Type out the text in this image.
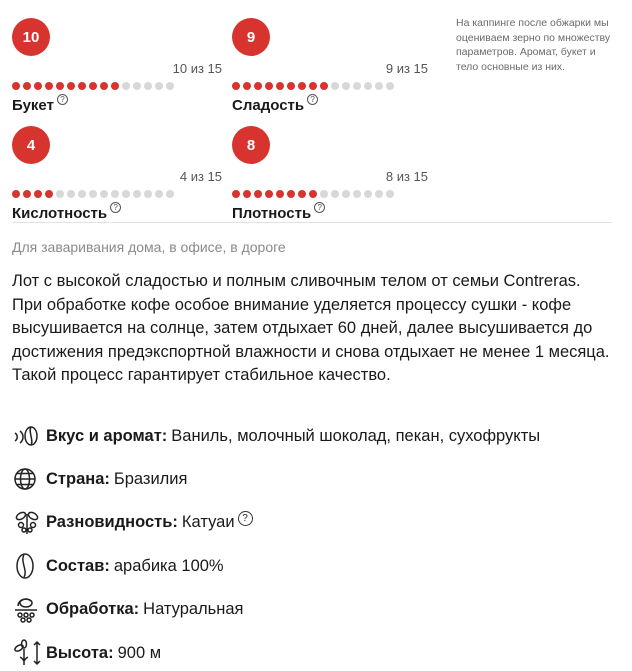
10
10 из 15
Букет ?
9
9 из 15
Сладость ?
4
4 из 15
Кислотность ?
8
8 из 15
Плотность ?
На каппинге после обжарки мы оцениваем зерно по множеству параметров. Аромат, букет и тело основные из них.
Для заваривания дома, в офисе, в дороге
Лот с высокой сладостью и полным сливочным телом от семьи Contreras. При обработке кофе особое внимание уделяется процессу сушки - кофе высушивается на солнце, затем отдыхает 60 дней, далее высушивается до достижения предэкспортной влажности и снова отдыхает не менее 1 месяца. Такой процесс гарантирует стабильное качество.
Вкус и аромат: Ваниль, молочный шоколад, пекан, сухофрукты
Страна: Бразилия
Разновидность: Катуаи ?
Состав: арабика 100%
Обработка: Натуральная
Высота: 900 м
